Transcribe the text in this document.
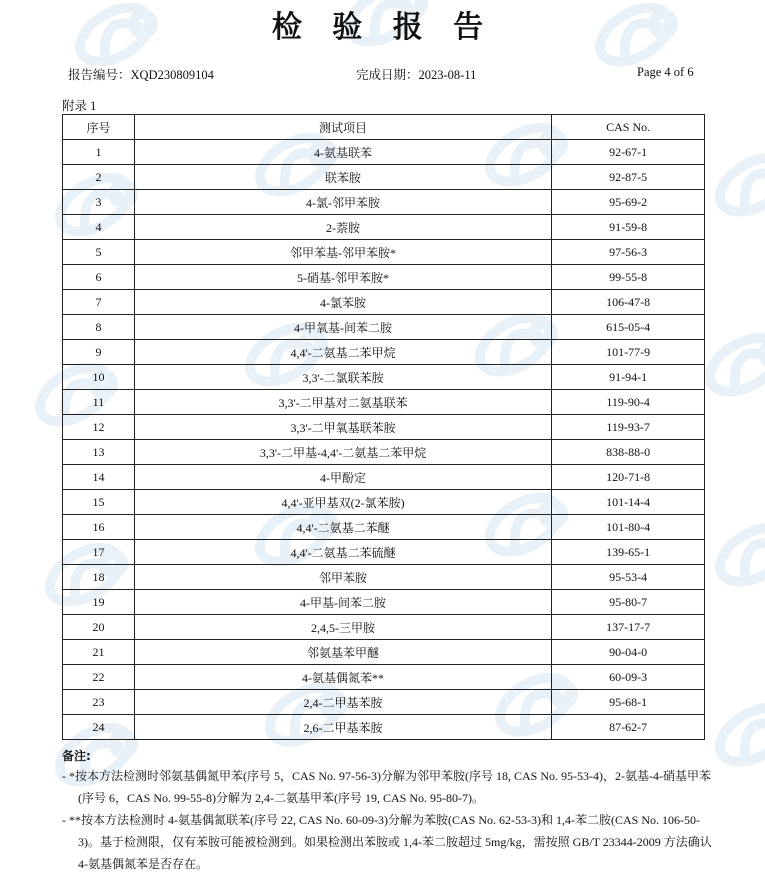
检 验 报 告
报告编号：XQD230809104	完成日期：2023-08-11	Page 4 of 6
附录 1
序号	测试项目	CAS No.
1	4-氨基联苯	92-67-1
2	联苯胺	92-87-5
3	4-氯-邻甲苯胺	95-69-2
4	2-萘胺	91-59-8
5	邻甲苯基-邻甲苯胺*	97-56-3
6	5-硝基-邻甲苯胺*	99-55-8
7	4-氯苯胺	106-47-8
8	4-甲氧基-间苯二胺	615-05-4
9	4,4'-二氨基二苯甲烷	101-77-9
10	3,3'-二氯联苯胺	91-94-1
11	3,3'-二甲基对二氨基联苯	119-90-4
12	3,3'-二甲氧基联苯胺	119-93-7
13	3,3'-二甲基-4,4'-二氨基二苯甲烷	838-88-0
14	4-甲酚定	120-71-8
15	4,4'-亚甲基双(2-氯苯胺)	101-14-4
16	4,4'-二氨基二苯醚	101-80-4
17	4,4'-二氨基二苯硫醚	139-65-1
18	邻甲苯胺	95-53-4
19	4-甲基-间苯二胺	95-80-7
20	2,4,5-三甲胺	137-17-7
21	邻氨基苯甲醚	90-04-0
22	4-氨基偶氮苯**	60-09-3
23	2,4-二甲基苯胺	95-68-1
24	2,6-二甲基苯胺	87-62-7
备注:
- *按本方法检测时邻氨基偶氮甲苯(序号 5，CAS No. 97-56-3)分解为邻甲苯胺(序号 18, CAS No. 95-53-4)，2-氨基-4-硝基甲苯(序号 6，CAS No. 99-55-8)分解为 2,4-二氨基甲苯(序号 19, CAS No. 95-80-7)。
- **按本方法检测时 4-氨基偶氮联苯(序号 22, CAS No. 60-09-3)分解为苯胺(CAS No. 62-53-3)和 1,4-苯二胺(CAS No. 106-50-3)。基于检测限，仅有苯胺可能被检测到。如果检测出苯胺或 1,4-苯二胺超过 5mg/kg，需按照 GB/T 23344-2009 方法确认 4-氨基偶氮苯是否存在。
